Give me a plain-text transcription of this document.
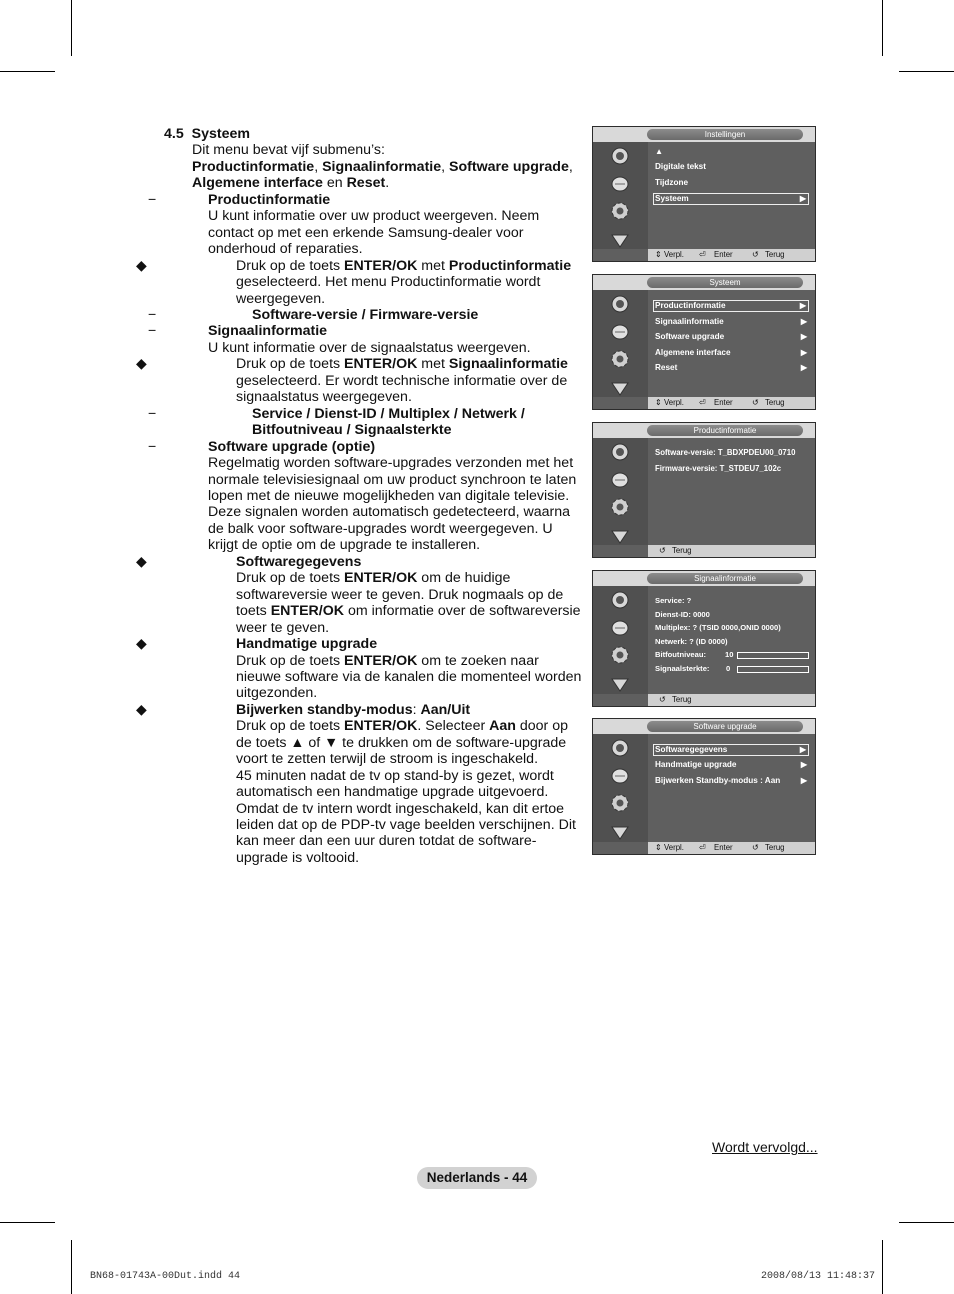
4.5 Systeem

Dit menu bevat vijf submenu’s:

Productinformatie, Signaalinformatie, Software upgrade, Algemene interface en Reset.

−	Productinformatie

U kunt informatie over uw product weergeven. Neem contact op met een erkende Samsung-dealer voor onderhoud of reparaties.

◆	Druk op de toets ENTER/OK met Productinformatie geselecteerd. Het menu Productinformatie wordt weergegeven.

−	Software-versie / Firmware-versie

−	Signaalinformatie

U kunt informatie over de signaalstatus weergeven.

◆	Druk op de toets ENTER/OK met Signaalinformatie geselecteerd. Er wordt technische informatie over de signaalstatus weergegeven.

−	Service / Dienst-ID / Multiplex / Netwerk /
Bitfoutniveau / Signaalsterkte

−	Software upgrade (optie)

Regelmatig worden software-upgrades verzonden met het normale televisiesignaal om uw product synchroon te laten lopen met de nieuwe mogelijkheden van digitale televisie. Deze signalen worden automatisch gedetecteerd, waarna de balk voor software-upgrades wordt weergegeven. U krijgt de optie om de upgrade te installeren.

◆	Softwaregegevens
Druk op de toets ENTER/OK om de huidige softwareversie weer te geven. Druk nogmaals op de toets ENTER/OK om informatie over de softwareversie weer te geven.

◆	Handmatige upgrade
Druk op de toets ENTER/OK om te zoeken naar nieuwe software via de kanalen die momenteel worden uitgezonden.

◆	Bijwerken standby-modus: Aan/Uit
Druk op de toets ENTER/OK. Selecteer Aan door op de toets ▲ of ▼ te drukken om de software-upgrade voort te zetten terwijl de stroom is ingeschakeld.

45 minuten nadat de tv op stand-by is gezet, wordt automatisch een handmatige upgrade uitgevoerd. Omdat de tv intern wordt ingeschakeld, kan dit ertoe leiden dat op de PDP-tv vage beelden verschijnen. Dit kan meer dan een uur duren totdat de software-upgrade is voltooid.

Instellingen
▲
Digitale tekst
Tijdzone
Systeem	▶
⇕ Verpl. ⏎ Enter ↺ Terug
Systeem
Productinformatie	▶
Signaalinformatie	▶
Software upgrade	▶
Algemene interface	▶
Reset	▶
⇕ Verpl. ⏎ Enter ↺ Terug
Productinformatie
Software-versie: T_BDXPDEU00_0710
Firmware-versie: T_STDEU7_102c
↺ Terug
Signaalinformatie
Service: ?
Dienst-ID: 0000
Multiplex: ? (TSID 0000,ONID 0000)
Netwerk: ? (ID 0000)
Bitfoutniveau: 10
Signaalsterkte: 0
↺ Terug
Software upgrade
Softwaregegevens	▶
Handmatige upgrade	▶
Bijwerken Standby-modus : Aan	▶
⇕ Verpl. ⏎ Enter ↺ Terug
Wordt vervolgd...
Nederlands - 44
BN68-01743A-00Dut.indd 44	2008/08/13 11:48:37
